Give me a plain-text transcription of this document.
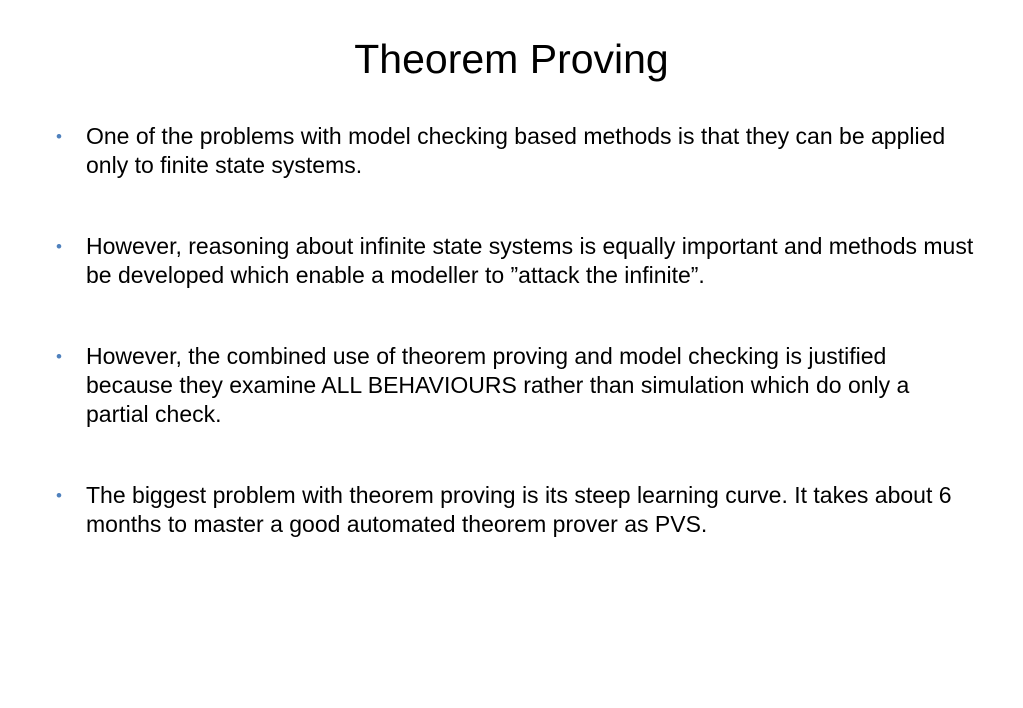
Theorem Proving
•	One of the problems with model checking based methods is that they can be applied only to finite state systems.
•	However, reasoning about infinite state systems is equally important and methods must be developed which enable a modeller to ”attack the infinite”.
•	However, the combined use of theorem proving and model checking is justified because they examine ALL BEHAVIOURS rather than simulation which do only a partial check.
•	The biggest problem with theorem proving is its steep learning curve. It takes about 6 months to master a good automated theorem prover as PVS.
